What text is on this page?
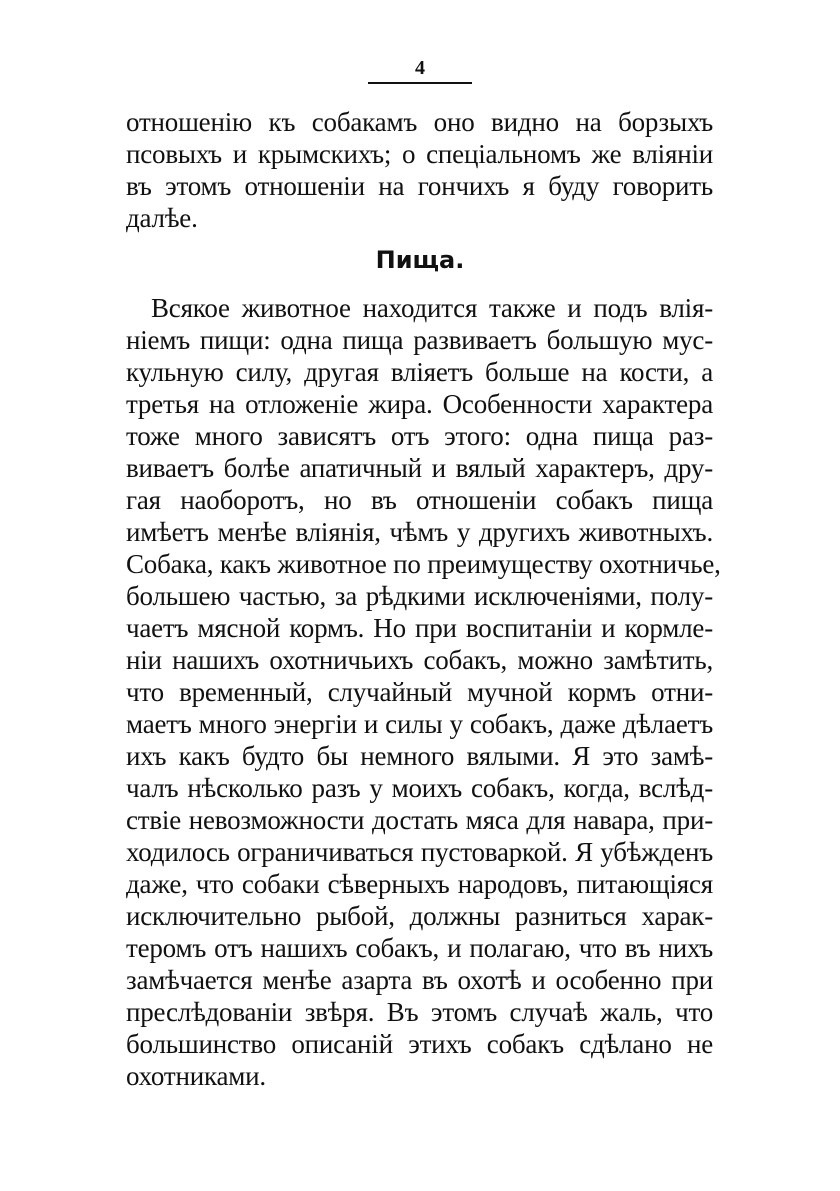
4
отношенію къ собакамъ оно видно на борзыхъ
псовыхъ и крымскихъ; о спеціальномъ же вліяніи
въ этомъ отношеніи на гончихъ я буду говорить
далѣе.
Пища.
Всякое животное находится также и подъ влія-
ніемъ пищи: одна пища развиваетъ большую мус-
кульную силу, другая вліяетъ больше на кости, а
третья на отложеніе жира. Особенности характера
тоже много зависятъ отъ этого: одна пища раз-
виваетъ болѣе апатичный и вялый характеръ, дру-
гая наоборотъ, но въ отношеніи собакъ пища
имѣетъ менѣе вліянія, чѣмъ у другихъ животныхъ.
Собака, какъ животное по преимуществу охотничье,
большею частью, за рѣдкими исключеніями, полу-
чаетъ мясной кормъ. Но при воспитаніи и кормле-
ніи нашихъ охотничьихъ собакъ, можно замѣтить,
что временный, случайный мучной кормъ отни-
маетъ много энергіи и силы у собакъ, даже дѣлаетъ
ихъ какъ будто бы немного вялыми. Я это замѣ-
чалъ нѣсколько разъ у моихъ собакъ, когда, вслѣд-
ствіе невозможности достать мяса для навара, при-
ходилось ограничиваться пустоваркой. Я убѣжденъ
даже, что собаки сѣверныхъ народовъ, питающіяся
исключительно рыбой, должны разниться харак-
теромъ отъ нашихъ собакъ, и полагаю, что въ нихъ
замѣчается менѣе азарта въ охотѣ и особенно при
преслѣдованіи звѣря. Въ этомъ случаѣ жаль, что
большинство описаній этихъ собакъ сдѣлано не
охотниками.
